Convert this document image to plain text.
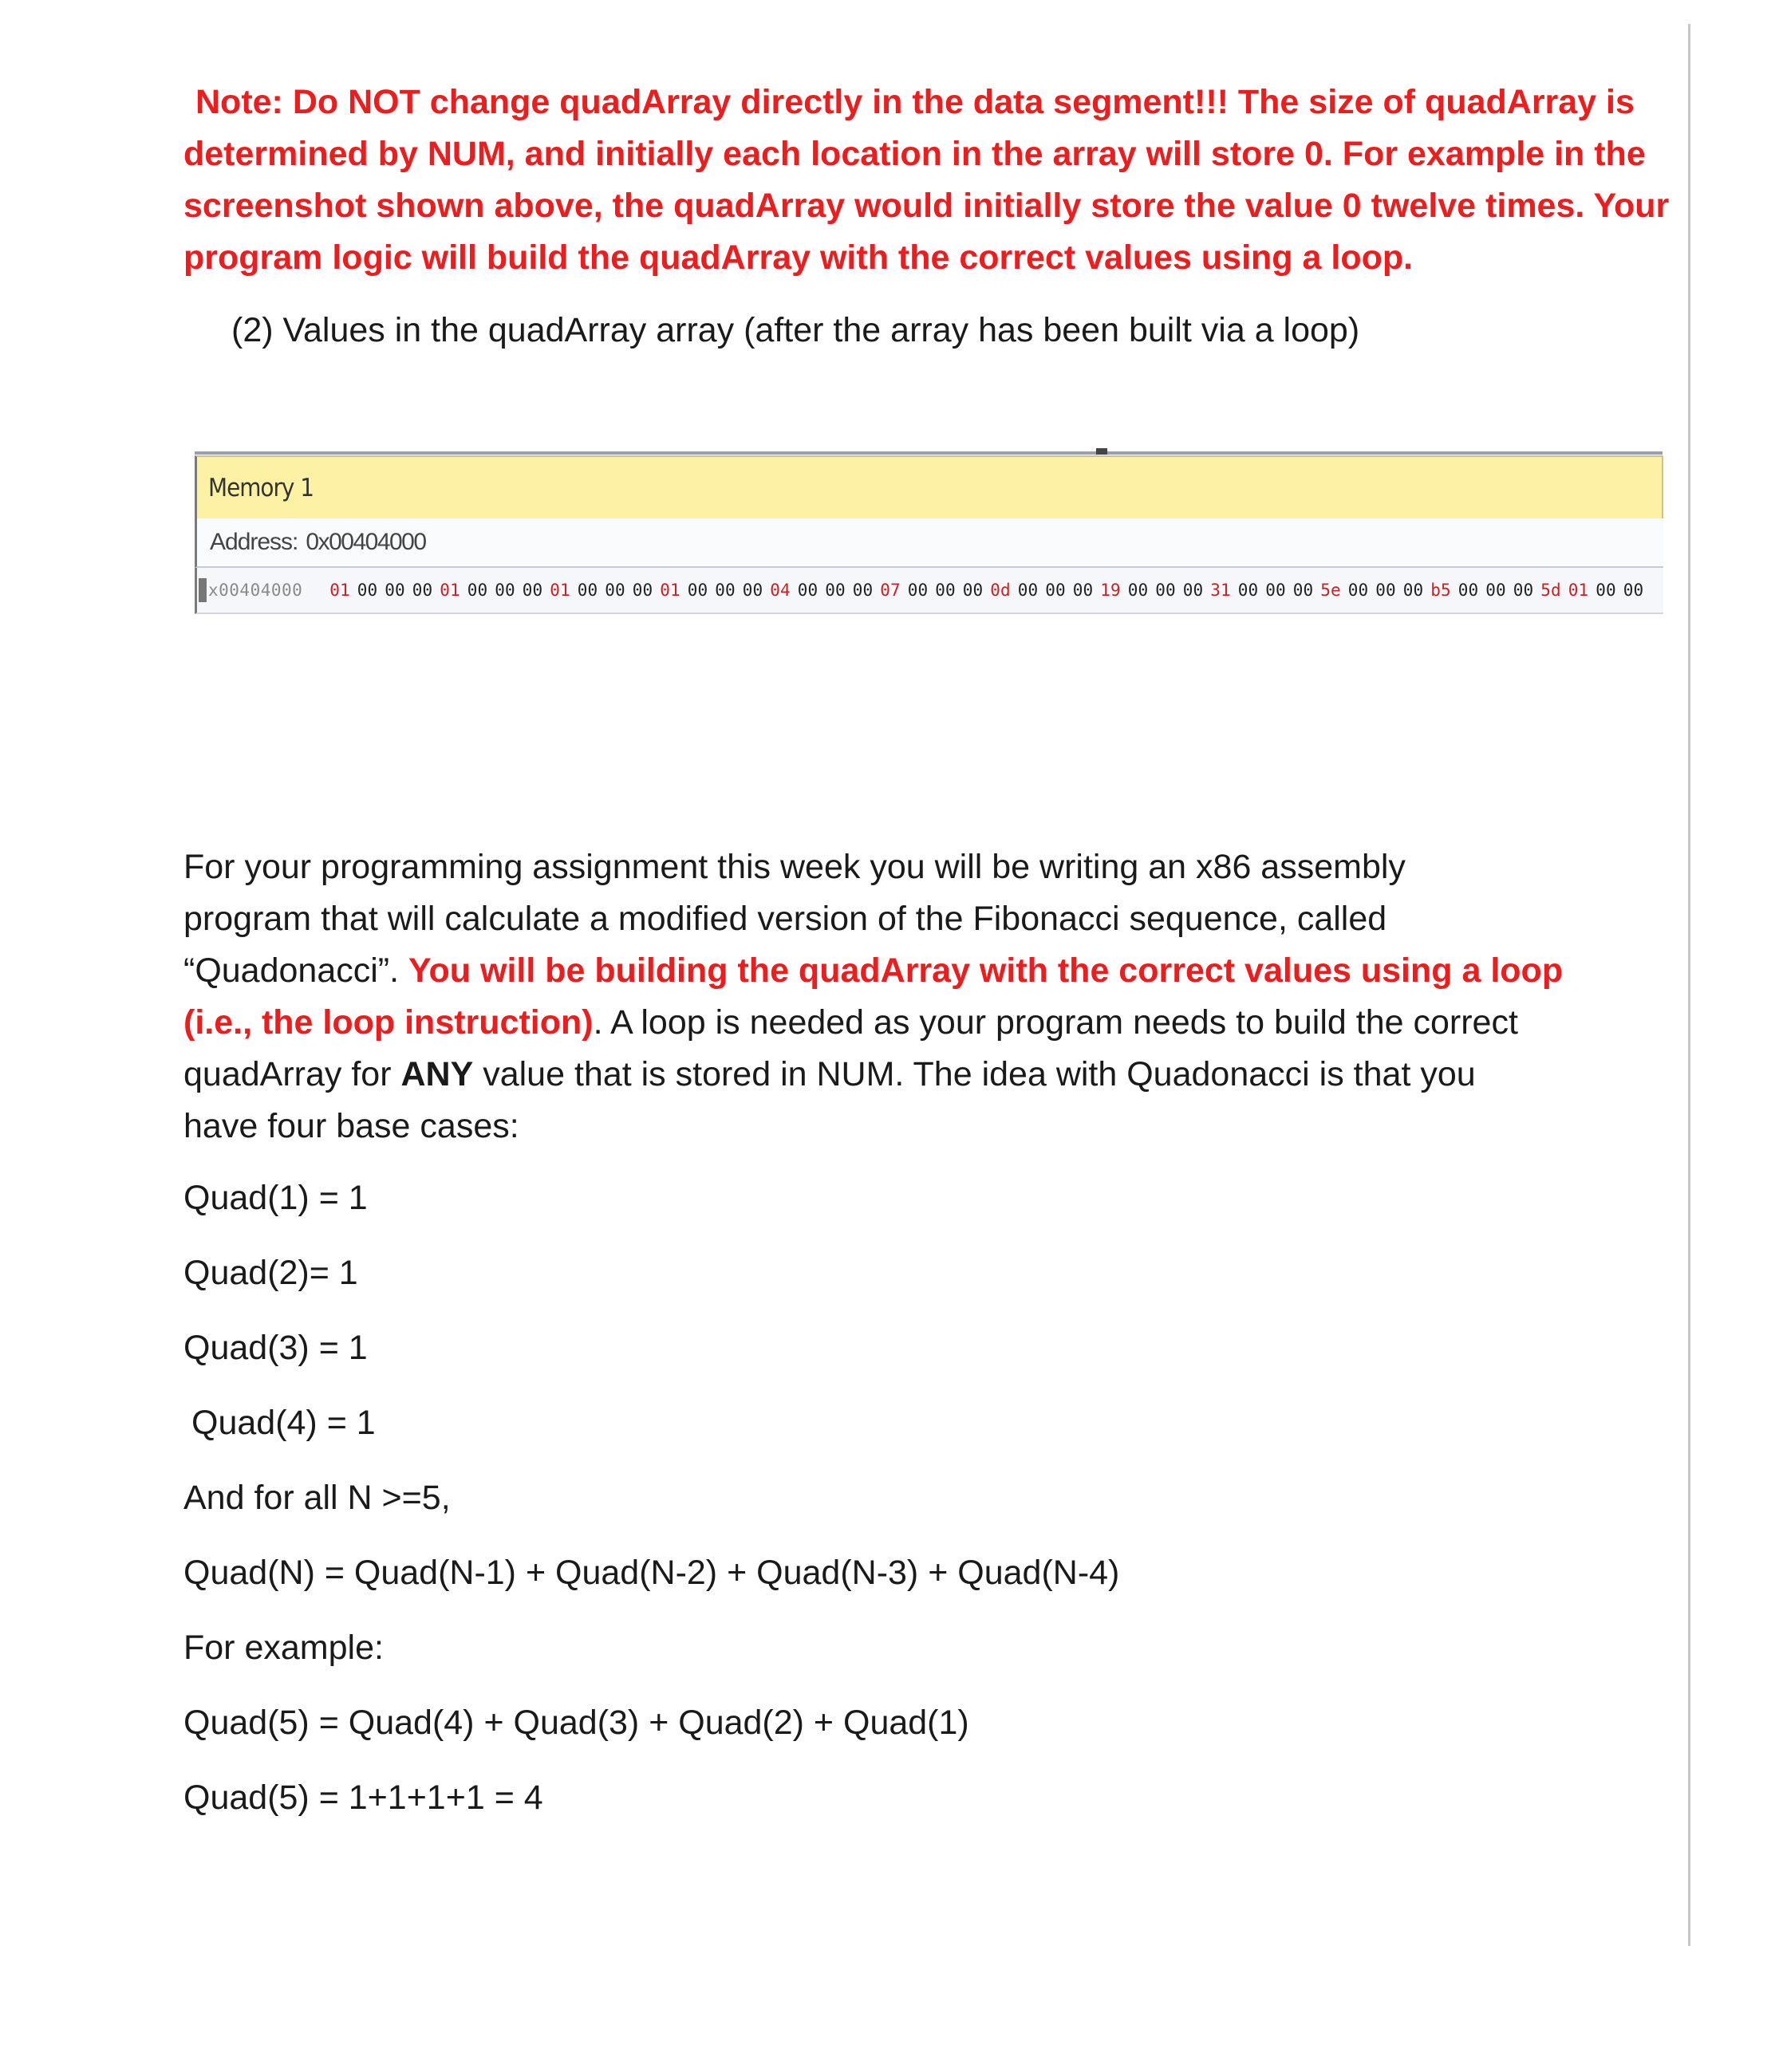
Note: Do NOT change quadArray directly in the data segment!!! The size of quadArray is
determined by NUM, and initially each location in the array will store 0. For example in the
screenshot shown above, the quadArray would initially store the value 0 twelve times. Your
program logic will build the quadArray with the correct values using a loop.
(2) Values in the quadArray array (after the array has been built via a loop)
Memory 1
Address:
0x00404000
x00404000 01 00 00 00 01 00 00 00 01 00 00 00 01 00 00 00 04 00 00 00 07 00 00 00 0d 00 00 00 19 00 00 00 31 00 00 00 5e 00 00 00 b5 00 00 00 5d 01 00 00
For your programming assignment this week you will be writing an x86 assembly
program that will calculate a modified version of the Fibonacci sequence, called
“Quadonacci”. You will be building the quadArray with the correct values using a loop
(i.e., the loop instruction). A loop is needed as your program needs to build the correct
quadArray for ANY value that is stored in NUM. The idea with Quadonacci is that you
have four base cases:
Quad(1) = 1
Quad(2)= 1
Quad(3) = 1
Quad(4) = 1
And for all N >=5,
Quad(N) = Quad(N-1) + Quad(N-2) + Quad(N-3) + Quad(N-4)
For example:
Quad(5) = Quad(4) + Quad(3) + Quad(2) + Quad(1)
Quad(5) = 1+1+1+1 = 4
